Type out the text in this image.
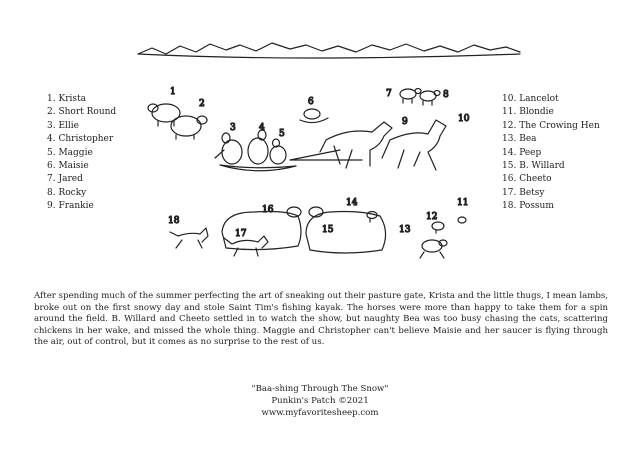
1
2
3	4
5
6
7	8
9	10
11
12
13
14
15
16
17
18
1. Krista
2. Short Round
3. Ellie
4. Christopher
5. Maggie
6. Maisie
7. Jared
8. Rocky
9. Frankie
10. Lancelot
11. Blondie
12. The Crowing Hen
13. Bea
14. Peep
15. B. Willard
16. Cheeto
17. Betsy
18. Possum

After spending much of the summer perfecting the art of sneaking out their pasture gate, Krista and the little thugs, I mean lambs, broke out on the first snowy day and stole Saint Tim's fishing kayak. The horses were more than happy to take them for a spin around the field. B. Willard and Cheeto settled in to watch the show, but naughty Bea was too busy chasing the cats, scattering chickens in her wake, and missed the whole thing. Maggie and Christopher can't believe Maisie and her saucer is flying through the air, out of control, but it comes as no surprise to the rest of us.

"Baa-shing Through The Snow"
Punkin's Patch ©2021
www.myfavoritesheep.com
